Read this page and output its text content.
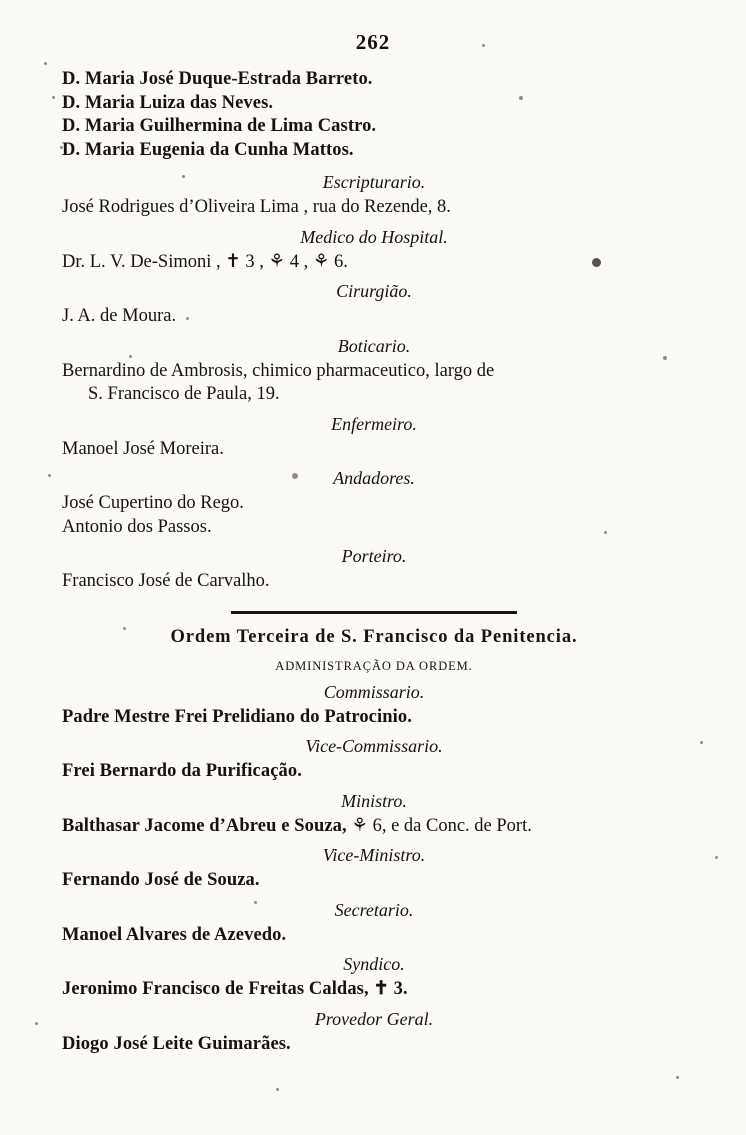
262
D. Maria José Duque-Estrada Barreto.
D. Maria Luiza das Neves.
D. Maria Guilhermina de Lima Castro.
D. Maria Eugenia da Cunha Mattos.
Escripturario.
José Rodrigues d’Oliveira Lima , rua do Rezende, 8.
Medico do Hospital.
Dr. L. V. De-Simoni , ✝ 3 , ⚘ 4 , ⚘ 6.
Cirurgião.
J. A. de Moura.
Boticario.
Bernardino de Ambrosis, chimico pharmaceutico, largo de
S. Francisco de Paula, 19.
Enfermeiro.
Manoel José Moreira.
Andadores.
José Cupertino do Rego.
Antonio dos Passos.
Porteiro.
Francisco José de Carvalho.
Ordem Terceira de S. Francisco da Penitencia.
ADMINISTRAÇÃO DA ORDEM.
Commissario.
Padre Mestre Frei Prelidiano do Patrocinio.
Vice-Commissario.
Frei Bernardo da Purificação.
Ministro.
Balthasar Jacome d’Abreu e Souza, ⚘ 6, e da Conc. de Port.
Vice-Ministro.
Fernando José de Souza.
Secretario.
Manoel Alvares de Azevedo.
Syndico.
Jeronimo Francisco de Freitas Caldas, ✝ 3.
Provedor Geral.
Diogo José Leite Guimarães.
